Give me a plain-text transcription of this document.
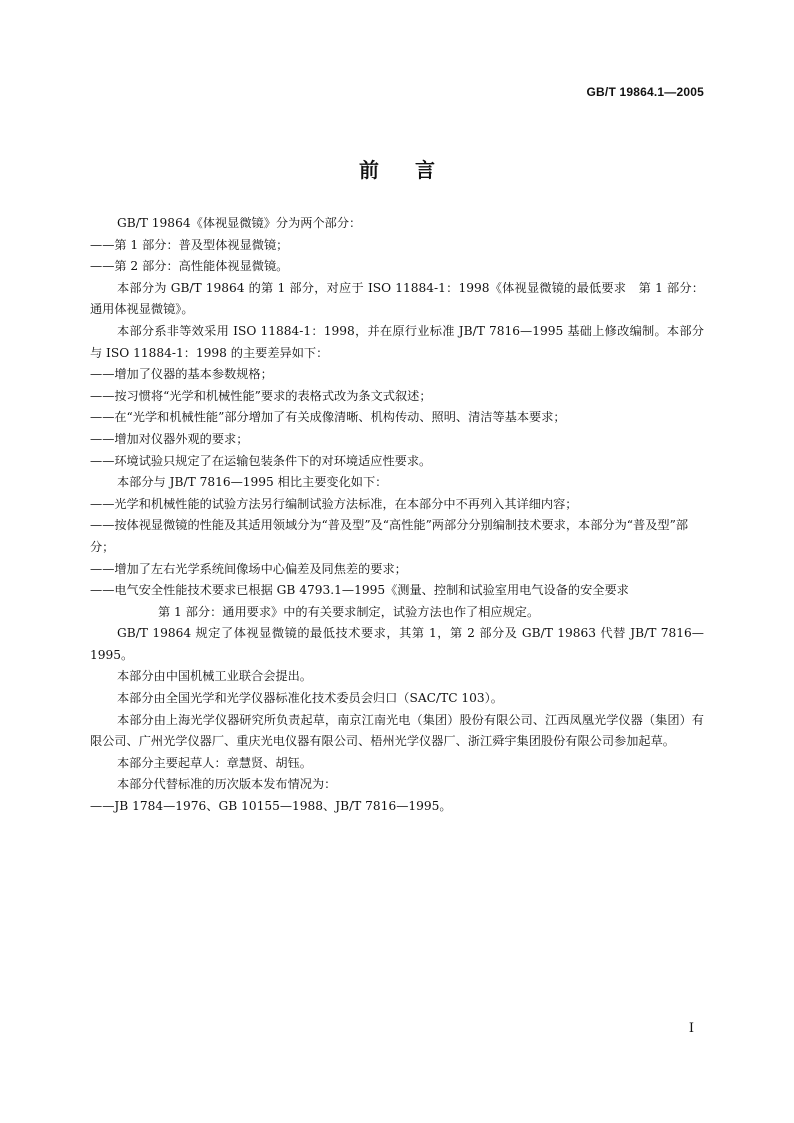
GB/T 19864.1—2005
前言

GB/T 19864《体视显微镜》分为两个部分：

——第 1 部分：普及型体视显微镜；

——第 2 部分：高性能体视显微镜。

本部分为 GB/T 19864 的第 1 部分，对应于 ISO 11884-1：1998《体视显微镜的最低要求　第 1 部分：通用体视显微镜》。

本部分系非等效采用 ISO 11884-1：1998，并在原行业标准 JB/T 7816—1995 基础上修改编制。本部分与 ISO 11884-1：1998 的主要差异如下：

——增加了仪器的基本参数规格；

——按习惯将“光学和机械性能”要求的表格式改为条文式叙述；

——在“光学和机械性能”部分增加了有关成像清晰、机构传动、照明、清洁等基本要求；

——增加对仪器外观的要求；

——环境试验只规定了在运输包装条件下的对环境适应性要求。

本部分与 JB/T 7816—1995 相比主要变化如下：

——光学和机械性能的试验方法另行编制试验方法标准，在本部分中不再列入其详细内容；

——按体视显微镜的性能及其适用领域分为“普及型”及“高性能”两部分分别编制技术要求，本部分为“普及型”部分；

——增加了左右光学系统间像场中心偏差及同焦差的要求；

——电气安全性能技术要求已根据 GB 4793.1—1995《测量、控制和试验室用电气设备的安全要求

第 1 部分：通用要求》中的有关要求制定，试验方法也作了相应规定。

GB/T 19864 规定了体视显微镜的最低技术要求，其第 1，第 2 部分及 GB/T 19863 代替 JB/T 7816—1995。

本部分由中国机械工业联合会提出。

本部分由全国光学和光学仪器标准化技术委员会归口（SAC/TC 103）。

本部分由上海光学仪器研究所负责起草，南京江南光电（集团）股份有限公司、江西凤凰光学仪器（集团）有限公司、广州光学仪器厂、重庆光电仪器有限公司、梧州光学仪器厂、浙江舜宇集团股份有限公司参加起草。

本部分主要起草人：章慧贤、胡钰。

本部分代替标准的历次版本发布情况为：

——JB 1784—1976、GB 10155—1988、JB/T 7816—1995。

I
